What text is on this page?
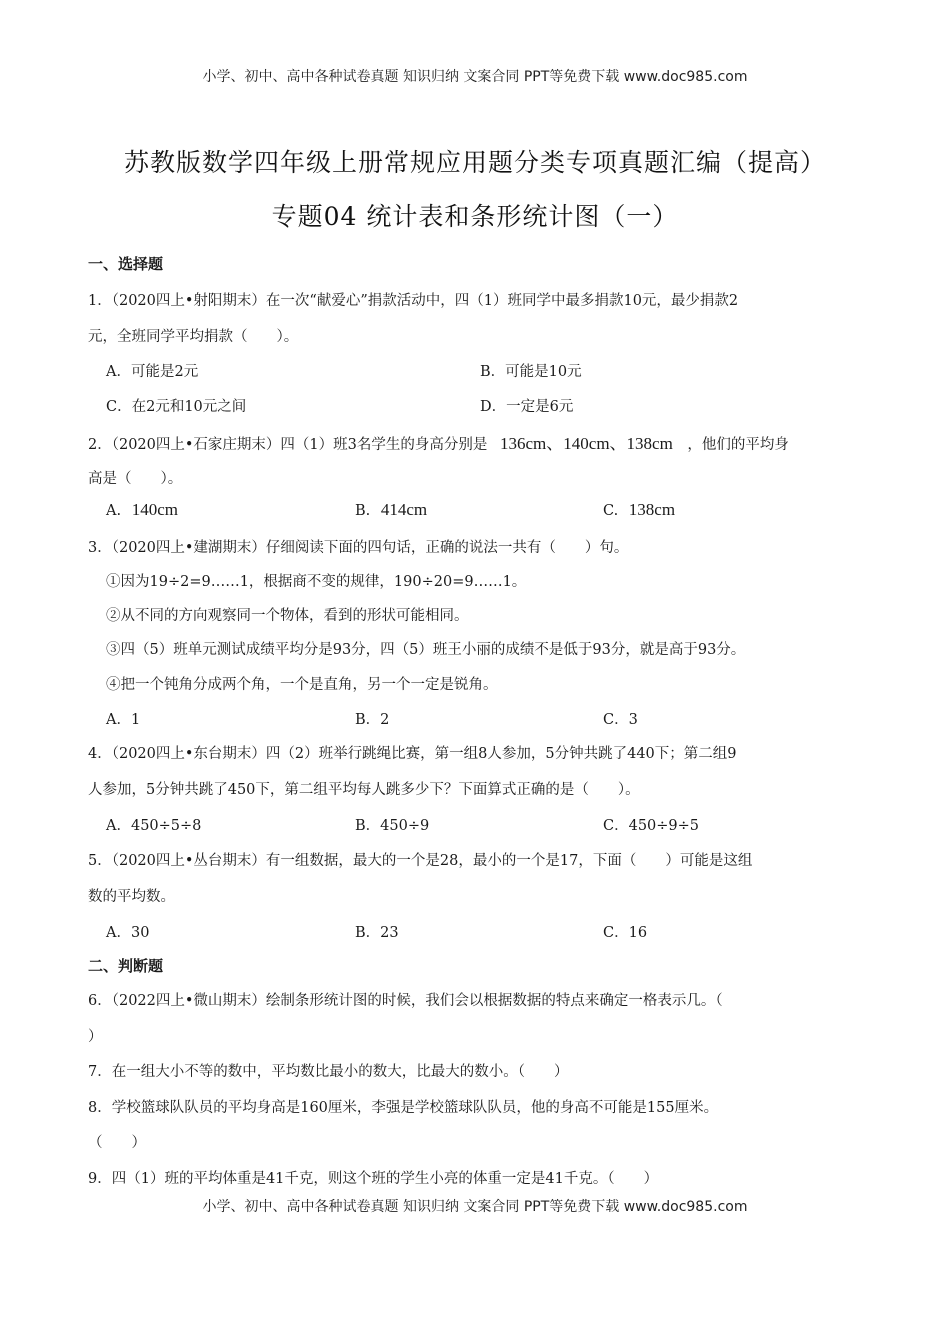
小学、初中、高中各种试卷真题 知识归纳 文案合同 PPT等免费下载 www.doc985.com
苏教版数学四年级上册常规应用题分类专项真题汇编（提高）
专题04 统计表和条形统计图（一）
一、选择题
1．（2020四上•射阳期末）在一次“献爱心”捐款活动中，四（1）班同学中最多捐款10元，最少捐款2
元，全班同学平均捐款（　　）。
A．可能是2元	B．可能是10元
C．在2元和10元之间	D．一定是6元
2．（2020四上•石家庄期末）四（1）班3名学生的身高分别是 136cm、140cm、138cm ，他们的平均身
高是（　　）。
A. 140cm	B. 414cm	C. 138cm
3．（2020四上•建湖期末）仔细阅读下面的四句话，正确的说法一共有（　　）句。
①因为19÷2=9……1，根据商不变的规律，190÷20=9……1。
②从不同的方向观察同一个物体，看到的形状可能相同。
③四（5）班单元测试成绩平均分是93分，四（5）班王小丽的成绩不是低于93分，就是高于93分。
④把一个钝角分成两个角，一个是直角，另一个一定是锐角。
A．1	B．2	C．3
4．（2020四上•东台期末）四（2）班举行跳绳比赛，第一组8人参加，5分钟共跳了440下；第二组9
人参加，5分钟共跳了450下，第二组平均每人跳多少下？下面算式正确的是（　　）。
A．450÷5÷8	B．450÷9	C．450÷9÷5
5．（2020四上•丛台期末）有一组数据，最大的一个是28，最小的一个是17，下面（　　）可能是这组
数的平均数。
A．30	B．23	C．16
二、判断题
6．（2022四上•微山期末）绘制条形统计图的时候，我们会以根据数据的特点来确定一格表示几。（
）
7．在一组大小不等的数中，平均数比最小的数大，比最大的数小。（　　）
8．学校篮球队队员的平均身高是160厘米，李强是学校篮球队队员，他的身高不可能是155厘米。
（　　）
9．四（1）班的平均体重是41千克，则这个班的学生小亮的体重一定是41千克。（　　）
小学、初中、高中各种试卷真题 知识归纳 文案合同 PPT等免费下载 www.doc985.com
